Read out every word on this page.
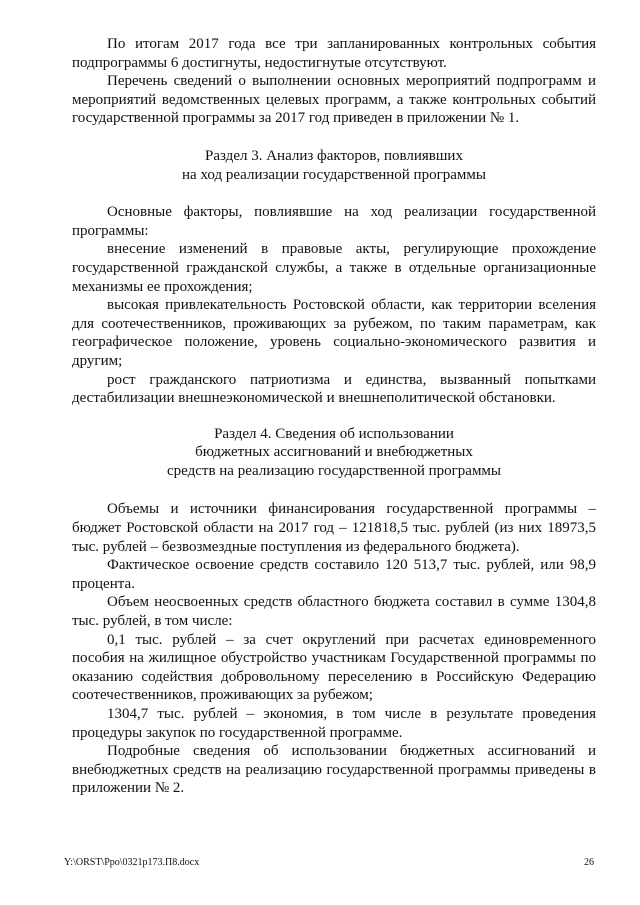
По итогам 2017 года все три запланированных контрольных события подпрограммы 6 достигнуты, недостигнутые отсутствуют.

Перечень сведений о выполнении основных мероприятий подпрограмм и мероприятий ведомственных целевых программ, а также контрольных событий государственной программы за 2017 год приведен в приложении № 1.

Раздел 3. Анализ факторов, повлиявших
на ход реализации государственной программы

Основные факторы, повлиявшие на ход реализации государственной программы:

внесение изменений в правовые акты, регулирующие прохождение государственной гражданской службы, а также в отдельные организационные механизмы ее прохождения;

высокая привлекательность Ростовской области, как территории вселения для соотечественников, проживающих за рубежом, по таким параметрам, как географическое положение, уровень социально-экономического развития и другим;

рост гражданского патриотизма и единства, вызванный попытками дестабилизации внешнеэкономической и внешнеполитической обстановки.

Раздел 4. Сведения об использовании
бюджетных ассигнований и внебюджетных
средств на реализацию государственной программы

Объемы и источники финансирования государственной программы – бюджет Ростовской области на 2017 год – 121818,5 тыс. рублей (из них 18973,5 тыс. рублей – безвозмездные поступления из федерального бюджета).

Фактическое освоение средств составило 120 513,7 тыс. рублей, или 98,9 процента.

Объем неосвоенных средств областного бюджета составил в сумме 1304,8 тыс. рублей, в том числе:

0,1 тыс. рублей – за счет округлений при расчетах единовременного пособия на жилищное обустройство участникам Государственной программы по оказанию содействия добровольному переселению в Российскую Федерацию соотечественников, проживающих за рубежом;

1304,7 тыс. рублей – экономия, в том числе в результате проведения процедуры закупок по государственной программе.

Подробные сведения об использовании бюджетных ассигнований и внебюджетных средств на реализацию государственной программы приведены в приложении № 2.

Y:\ORST\Ppo\0321p173.П8.docx	26
